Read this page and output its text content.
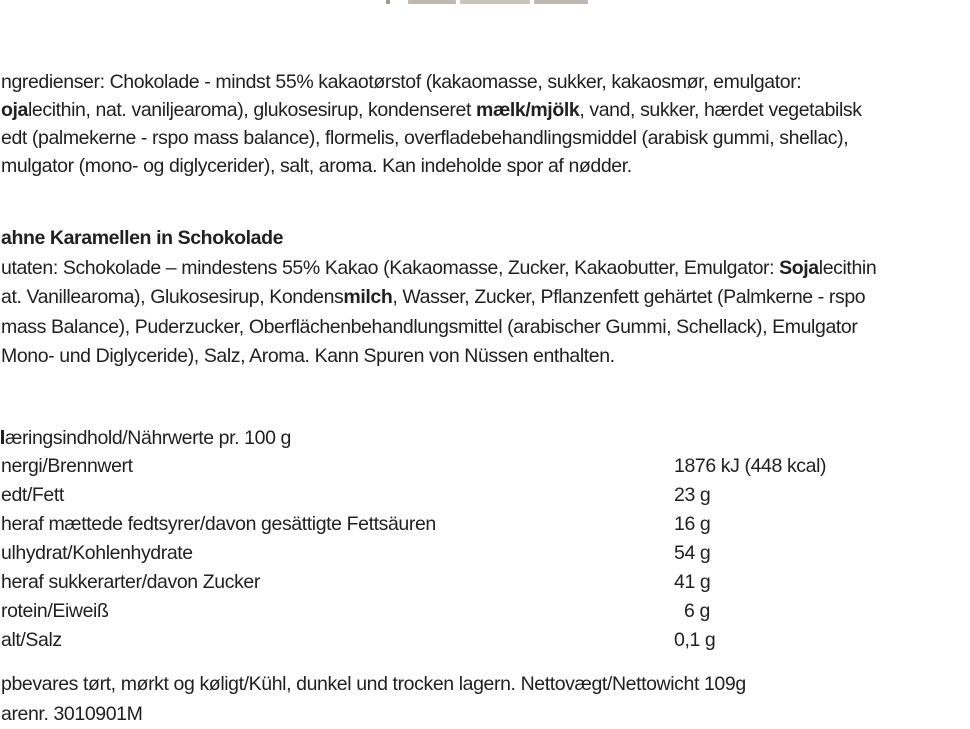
ngredienser: Chokolade - mindst 55% kakaotørstof (kakaomasse, sukker, kakaosmør, emulgator:
ojalecithin, nat. vaniljearoma), glukosesirup, kondenseret mælk/mjölk, vand, sukker, hærdet vegetabilsk
edt (palmekerne - rspo mass balance), flormelis, overfladebehandlingsmiddel (arabisk gummi, shellac),
mulgator (mono- og diglycerider), salt, aroma. Kan indeholde spor af nødder.
ahne Karamellen in Schokolade
utaten: Schokolade – mindestens 55% Kakao (Kakaomasse, Zucker, Kakaobutter, Emulgator: Sojalecithin
at. Vanillearoma), Glukosesirup, Kondensmilch, Wasser, Zucker, Pflanzenfett gehärtet (Palmkerne - rspo
mass Balance), Puderzucker, Oberflächenbehandlungsmittel (arabischer Gummi, Schellack), Emulgator
Mono- und Diglyceride), Salz, Aroma. Kann Spuren von Nüssen enthalten.
æringsindhold/Nährwerte pr. 100 g
nergi/Brennwert	1876 kJ (448 kcal)
edt/Fett	23 g
heraf mættede fedtsyrer/davon gesättigte Fettsäuren	16 g
ulhydrat/Kohlenhydrate	54 g
heraf sukkerarter/davon Zucker	41 g
rotein/Eiweiß	6 g
alt/Salz	0,1 g
pbevares tørt, mørkt og køligt/Kühl, dunkel und trocken lagern. Nettovægt/Nettowicht 109g
arenr. 3010901M
